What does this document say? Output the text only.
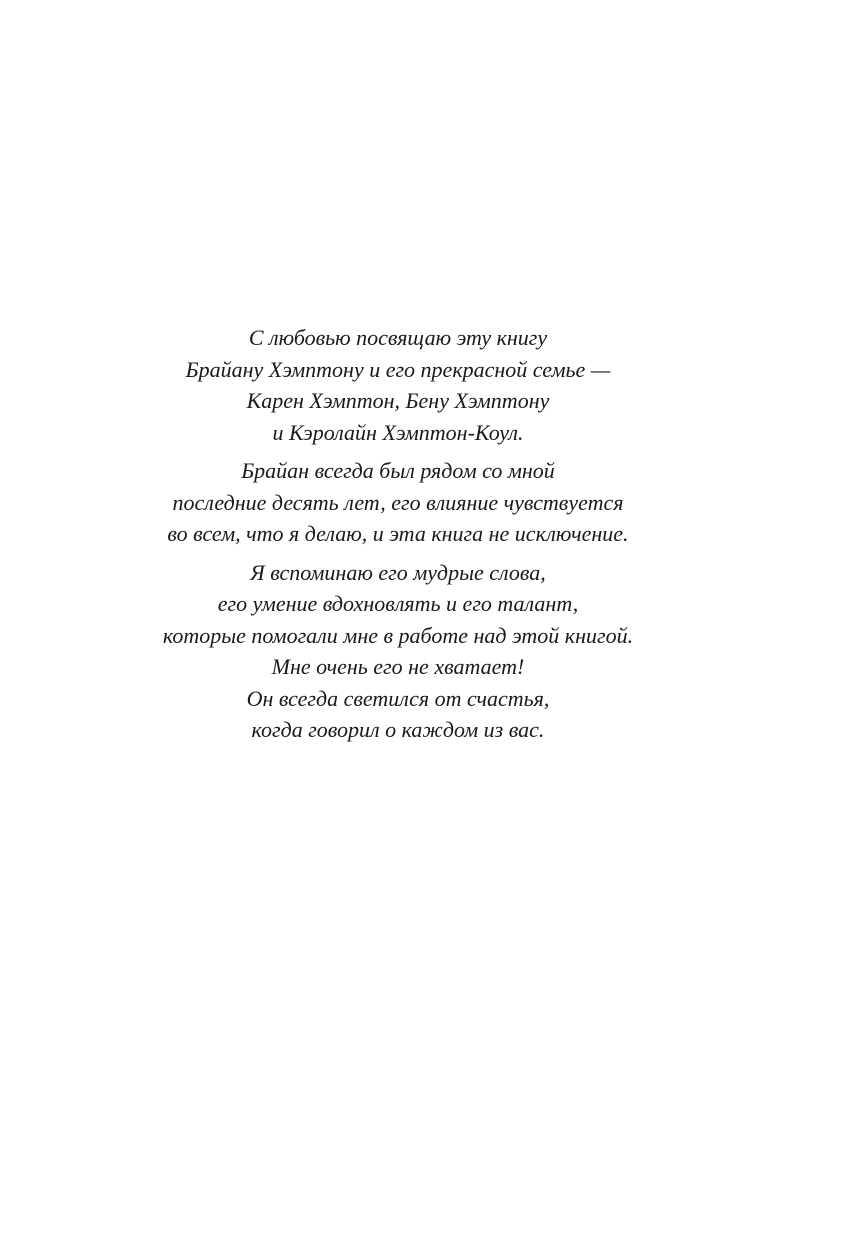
С любовью посвящаю эту книгу
Брайану Хэмптону и его прекрасной семье —
Карен Хэмптон, Бену Хэмптону
и Кэролайн Хэмптон-Коул.

Брайан всегда был рядом со мной
последние десять лет, его влияние чувствуется
во всем, что я делаю, и эта книга не исключение.

Я вспоминаю его мудрые слова,
его умение вдохновлять и его талант,
которые помогали мне в работе над этой книгой.
Мне очень его не хватает!
Он всегда светился от счастья,
когда говорил о каждом из вас.
